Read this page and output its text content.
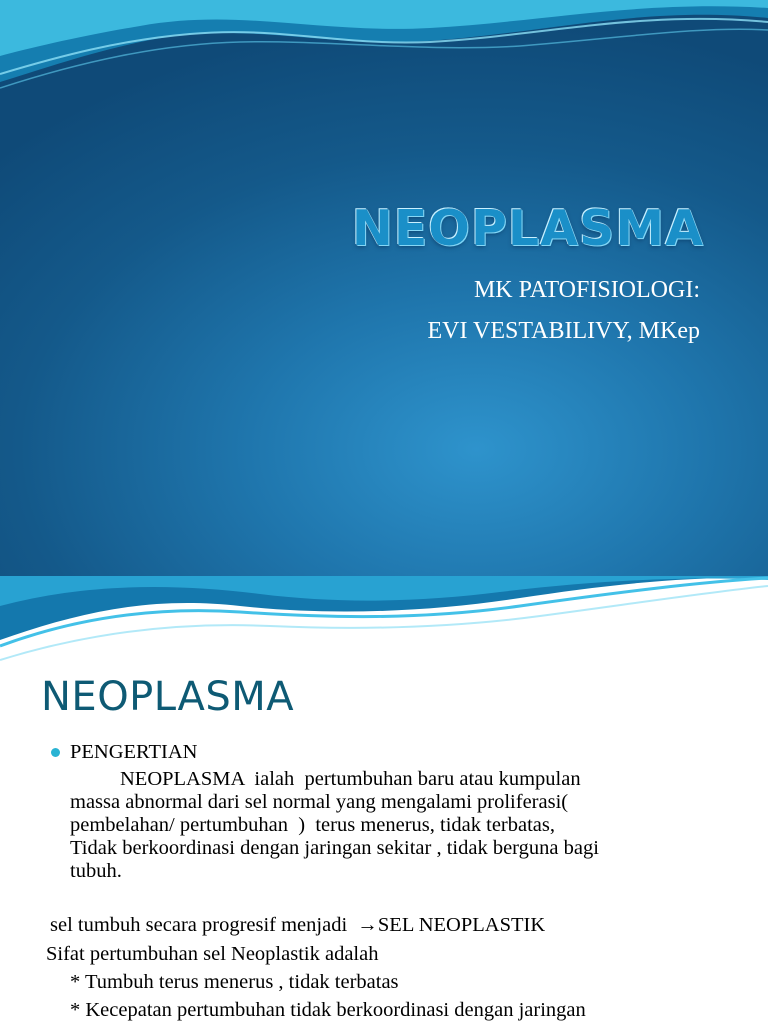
NEOPLASMA
MK PATOFISIOLOGI:
EVI VESTABILIVY, MKep
NEOPLASMA
PENGERTIAN
NEOPLASMA  ialah  pertumbuhan baru atau kumpulan
massa abnormal dari sel normal yang mengalami proliferasi(
pembelahan/ pertumbuhan  )  terus menerus, tidak terbatas,
Tidak berkoordinasi dengan jaringan sekitar , tidak berguna bagi
tubuh.
sel tumbuh secara progresif menjadi  →SEL NEOPLASTIK
Sifat pertumbuhan sel Neoplastik adalah
* Tumbuh terus menerus , tidak terbatas
* Kecepatan pertumbuhan tidak berkoordinasi dengan jaringan
